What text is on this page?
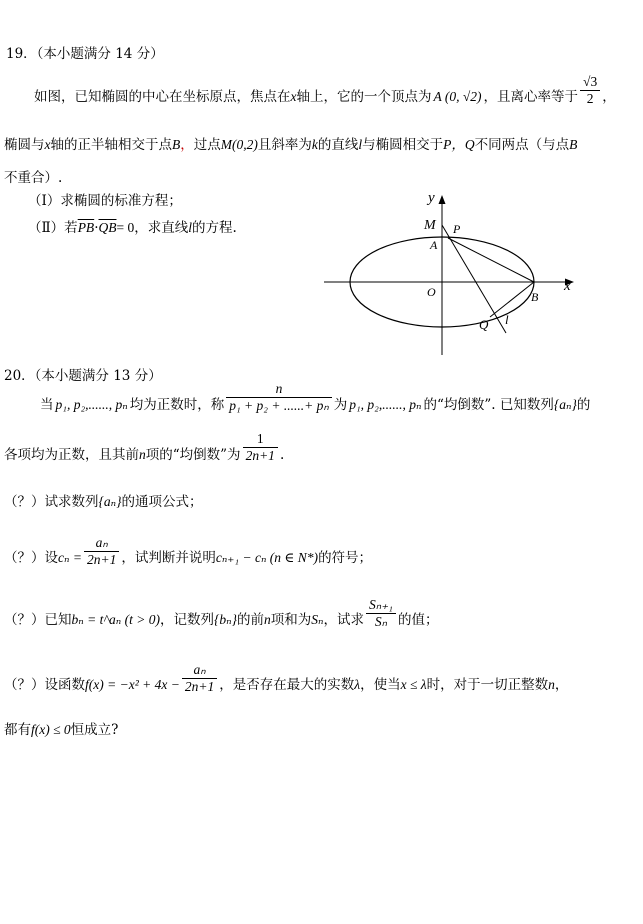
19．（本小题满分 14 分）
如图，已知椭圆的中心在坐标原点，焦点在x轴上，它的一个顶点为 A (0, √2) ，且离心率等于 $\frac{√3}{2}$ ，
椭圆与x轴的正半轴相交于点B，过点M(0,2)且斜率为k的直线l与椭圆相交于P，Q不同两点（与点B
不重合）.
（Ⅰ）求椭圆的标准方程；
（Ⅱ）若$\overline{PB}\cdot\overline{QB}= 0$，求直线l的方程.
y
x
M P
A
O	B
Q l
20．（本小题满分 13 分）
当 p₁, p₂,......, pₙ 均为正数时，称 $\frac{n}{\text{p₁ + p₂ + ......+ pₙ}}$ 为 p₁, p₂,......, pₙ 的“均倒数”. 已知数列{aₙ}的
各项均为正数，且其前n项的“均倒数”为 $\frac{1}{2n+1}$ .
（？）试求数列{aₙ}的通项公式；
（？）设$c_n = \frac{\text{aₙ}}{2n+1}$ ，试判断并说明cₙ₊₁ − cₙ (n ∈ N*)的符号；
（？）已知bₙ = t^aₙ (t > 0)，记数列{bₙ}的前n项和为Sₙ，试求 $\frac{\text{Sₙ₊₁}}{\text{Sₙ}}$ 的值；
（？）设函数$f(x) = -x^2 + 4x - \frac{\text{aₙ}}{2n+1}$ ，是否存在最大的实数λ，使当x ≤ λ时，对于一切正整数n，
都有f(x) ≤ 0恒成立?
